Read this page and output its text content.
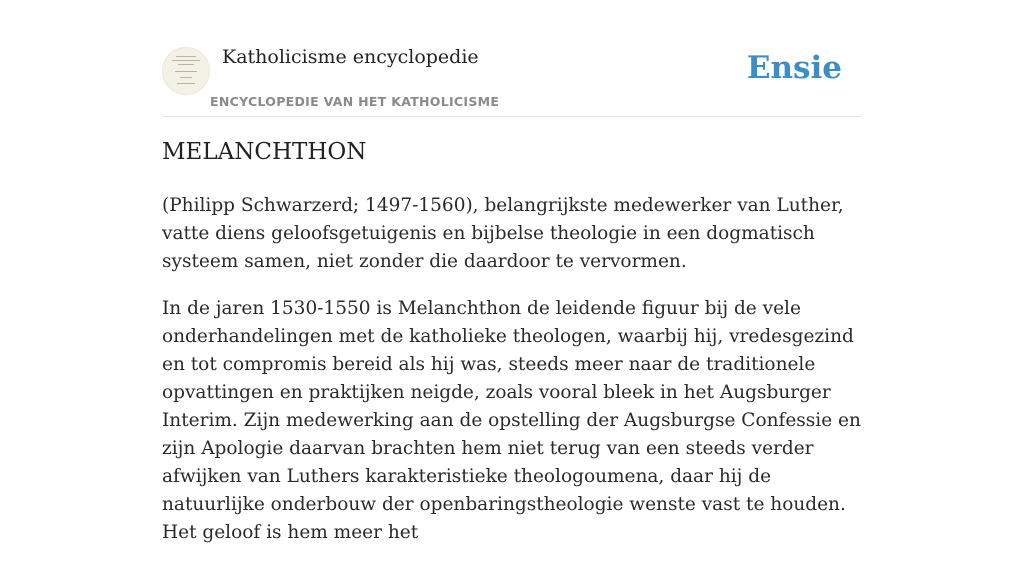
Katholicisme encyclopedie
ENCYCLOPEDIE VAN HET KATHOLICISME
Ensie
MELANCHTHON

(Philipp Schwarzerd; 1497-1560), belangrijkste medewerker van Luther, vatte diens geloofsgetuigenis en bijbelse theologie in een dogmatisch systeem samen, niet zonder die daardoor te vervormen.

In de jaren 1530-1550 is Melanchthon de leidende figuur bij de vele onderhandelingen met de katholieke theologen, waarbij hij, vredesgezind en tot compromis bereid als hij was, steeds meer naar de traditionele opvattingen en praktijken neigde, zoals vooral bleek in het Augsburger Interim. Zijn medewerking aan de opstelling der Augsburgse Confessie en zijn Apologie daarvan brachten hem niet terug van een steeds verder afwijken van Luthers karakteristieke theologoumena, daar hij de natuurlijke onderbouw der openbaringstheologie wenste vast te houden. Het geloof is hem meer het
